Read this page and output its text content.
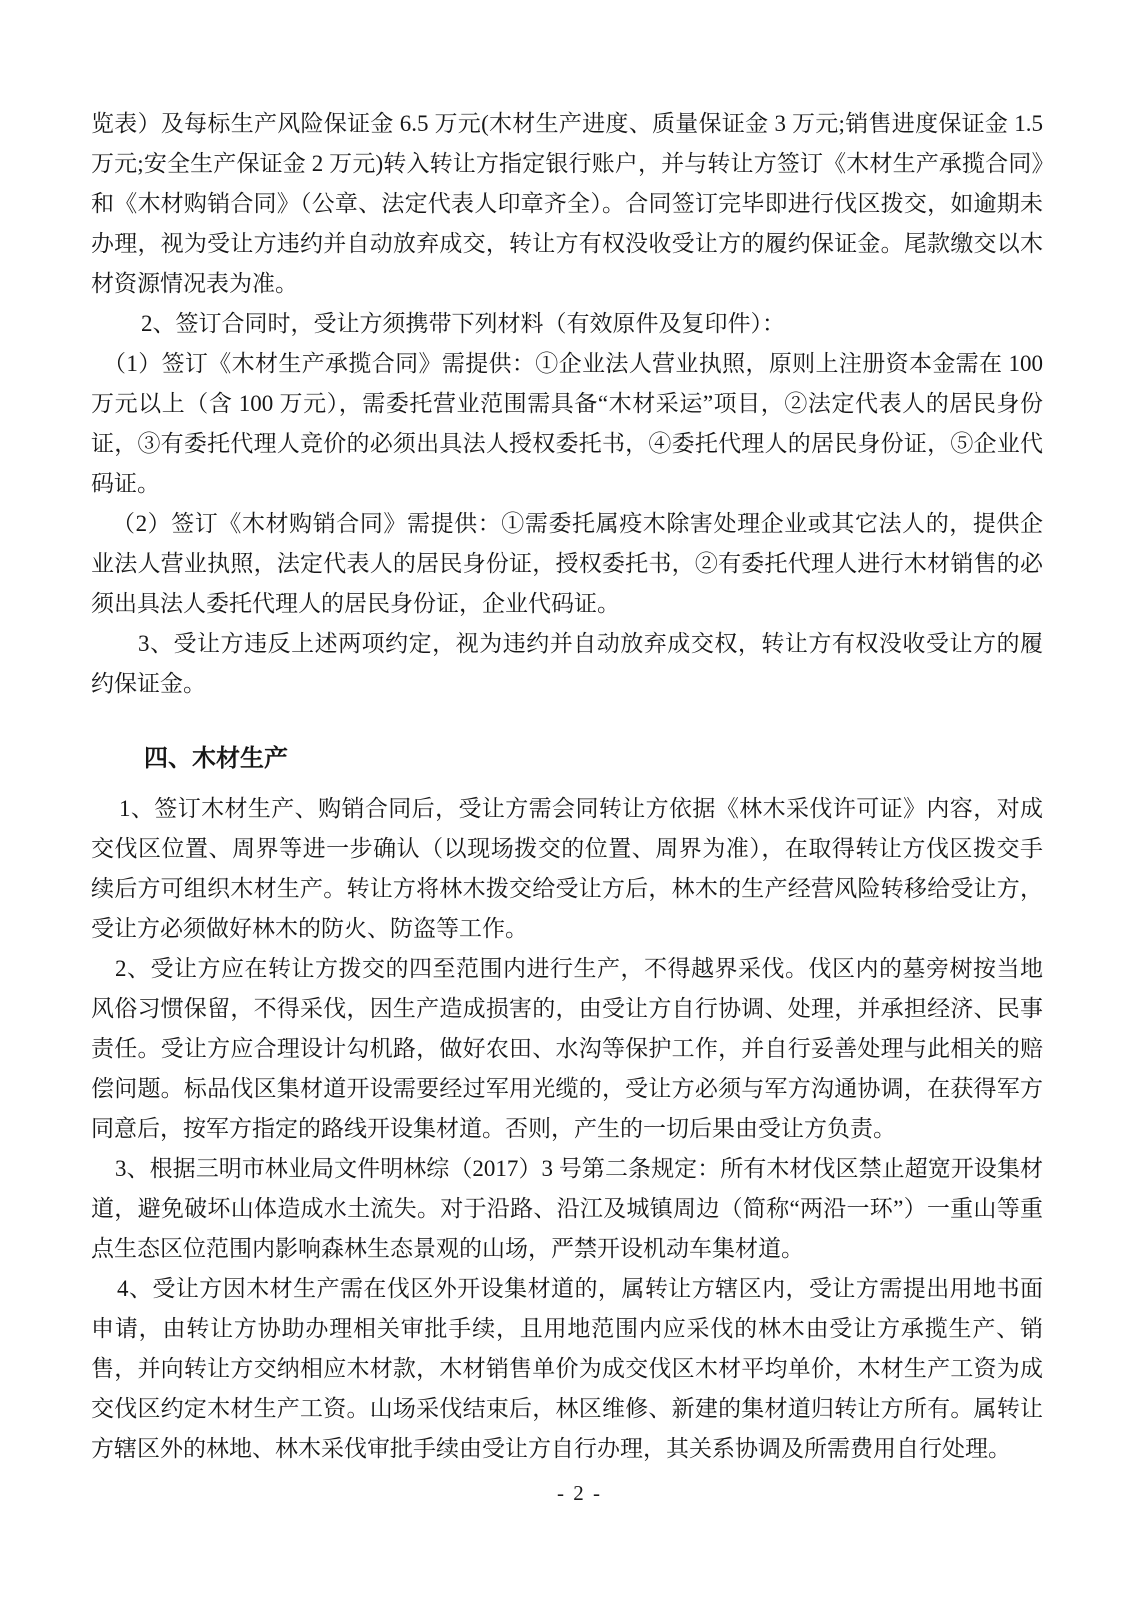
览表）及每标生产风险保证金 6.5 万元(木材生产进度、质量保证金 3 万元;销售进度保证金 1.5 万元;安全生产保证金 2 万元)转入转让方指定银行账户，并与转让方签订《木材生产承揽合同》和《木材购销合同》（公章、法定代表人印章齐全）。合同签订完毕即进行伐区拨交，如逾期未办理，视为受让方违约并自动放弃成交，转让方有权没收受让方的履约保证金。尾款缴交以木材资源情况表为准。

2、签订合同时，受让方须携带下列材料（有效原件及复印件）：

（1）签订《木材生产承揽合同》需提供：①企业法人营业执照，原则上注册资本金需在 100 万元以上（含 100 万元），需委托营业范围需具备“木材采运”项目，②法定代表人的居民身份证，③有委托代理人竞价的必须出具法人授权委托书，④委托代理人的居民身份证，⑤企业代码证。

（2）签订《木材购销合同》需提供：①需委托属疫木除害处理企业或其它法人的，提供企业法人营业执照，法定代表人的居民身份证，授权委托书，②有委托代理人进行木材销售的必须出具法人委托代理人的居民身份证，企业代码证。

3、受让方违反上述两项约定，视为违约并自动放弃成交权，转让方有权没收受让方的履约保证金。

四、木材生产

1、签订木材生产、购销合同后，受让方需会同转让方依据《林木采伐许可证》内容，对成交伐区位置、周界等进一步确认（以现场拨交的位置、周界为准），在取得转让方伐区拨交手续后方可组织木材生产。转让方将林木拨交给受让方后，林木的生产经营风险转移给受让方，受让方必须做好林木的防火、防盗等工作。

2、受让方应在转让方拨交的四至范围内进行生产，不得越界采伐。伐区内的墓旁树按当地风俗习惯保留，不得采伐，因生产造成损害的，由受让方自行协调、处理，并承担经济、民事责任。受让方应合理设计勾机路，做好农田、水沟等保护工作，并自行妥善处理与此相关的赔偿问题。标品伐区集材道开设需要经过军用光缆的，受让方必须与军方沟通协调，在获得军方同意后，按军方指定的路线开设集材道。否则，产生的一切后果由受让方负责。

3、根据三明市林业局文件明林综（2017）3 号第二条规定：所有木材伐区禁止超宽开设集材道，避免破坏山体造成水土流失。对于沿路、沿江及城镇周边（简称“两沿一环”）一重山等重点生态区位范围内影响森林生态景观的山场，严禁开设机动车集材道。

4、受让方因木材生产需在伐区外开设集材道的，属转让方辖区内，受让方需提出用地书面申请，由转让方协助办理相关审批手续，且用地范围内应采伐的林木由受让方承揽生产、销售，并向转让方交纳相应木材款，木材销售单价为成交伐区木材平均单价，木材生产工资为成交伐区约定木材生产工资。山场采伐结束后，林区维修、新建的集材道归转让方所有。属转让方辖区外的林地、林木采伐审批手续由受让方自行办理，其关系协调及所需费用自行处理。

- 2 -
